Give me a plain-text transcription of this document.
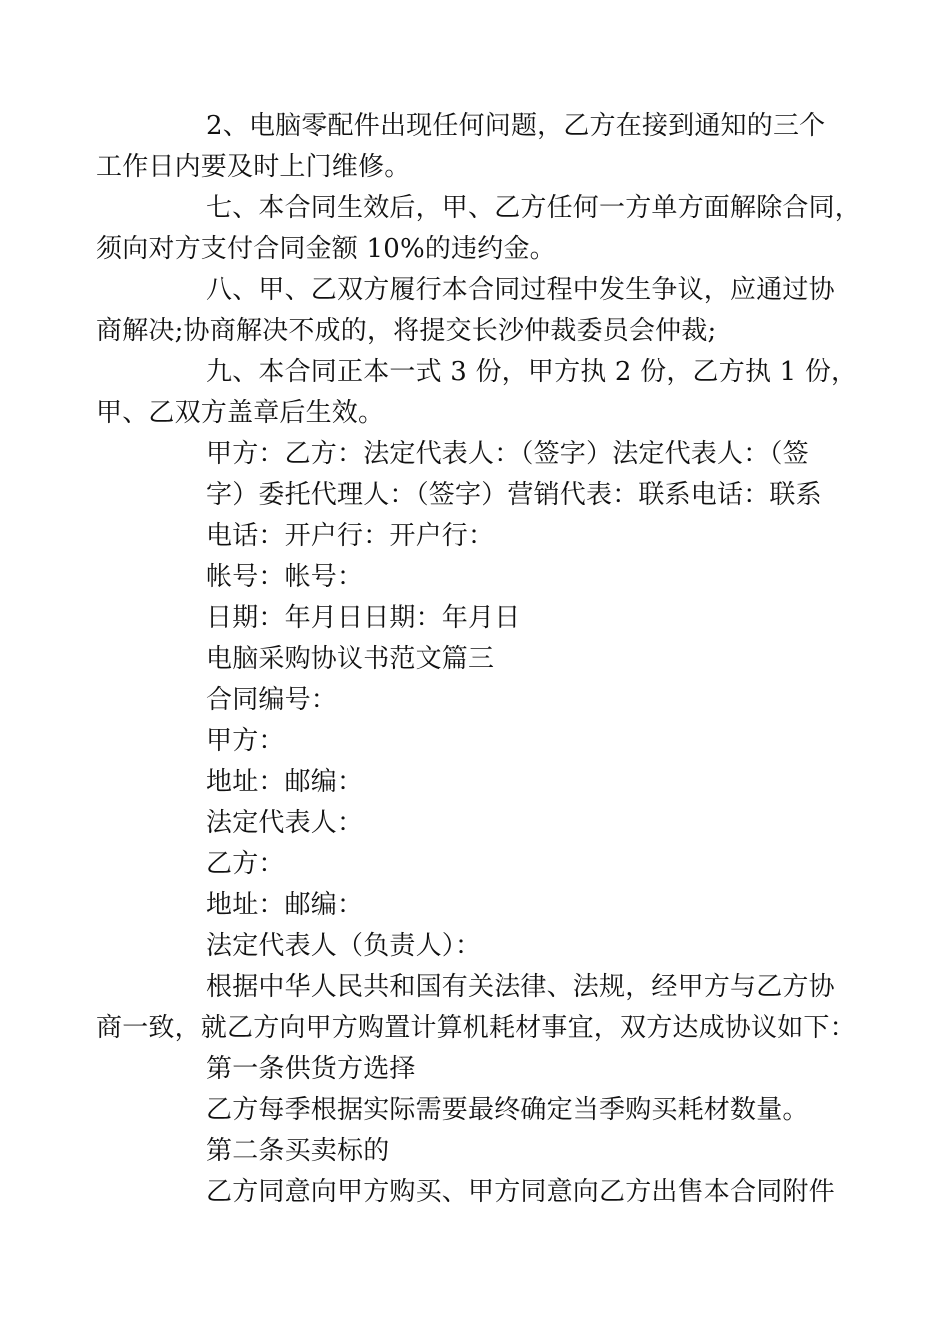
2、电脑零配件出现任何问题，乙方在接到通知的三个

工作日内要及时上门维修。

七、本合同生效后，甲、乙方任何一方单方面解除合同，

须向对方支付合同金额 10%的违约金。

八、甲、乙双方履行本合同过程中发生争议，应通过协

商解决;协商解决不成的，将提交长沙仲裁委员会仲裁;

九、本合同正本一式 3 份，甲方执 2 份，乙方执 1 份，

甲、乙双方盖章后生效。

甲方：乙方：法定代表人：（签字）法定代表人：（签

字）委托代理人：（签字）营销代表：联系电话：联系

电话：开户行：开户行：

帐号：帐号：

日期：年月日日期：年月日

电脑采购协议书范文篇三

合同编号：

甲方：

地址：邮编：

法定代表人：

乙方：

地址：邮编：

法定代表人（负责人）：

根据中华人民共和国有关法律、法规，经甲方与乙方协

商一致，就乙方向甲方购置计算机耗材事宜，双方达成协议如下：

第一条供货方选择

乙方每季根据实际需要最终确定当季购买耗材数量。

第二条买卖标的

乙方同意向甲方购买、甲方同意向乙方出售本合同附件
